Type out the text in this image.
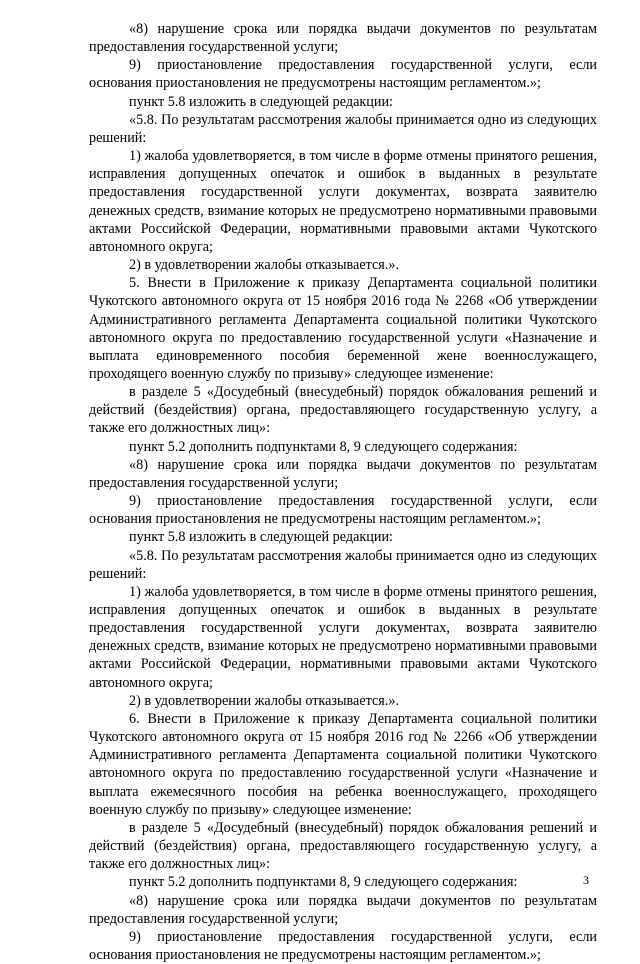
«8) нарушение срока или порядка выдачи документов по результатам предоставления государственной услуги;

9) приостановление предоставления государственной услуги, если основания приостановления не предусмотрены настоящим регламентом.»;

пункт 5.8 изложить в следующей редакции:

«5.8. По результатам рассмотрения жалобы принимается одно из следующих решений:

1) жалоба удовлетворяется, в том числе в форме отмены принятого решения, исправления допущенных опечаток и ошибок в выданных в результате предоставления государственной услуги документах, возврата заявителю денежных средств, взимание которых не предусмотрено нормативными правовыми актами Российской Федерации, нормативными правовыми актами Чукотского автономного округа;

2) в удовлетворении жалобы отказывается.».

5. Внести в Приложение к приказу Департамента социальной политики Чукотского автономного округа от 15 ноября 2016 года № 2268 «Об утверждении Административного регламента Департамента социальной политики Чукотского автономного округа по предоставлению государственной услуги «Назначение и выплата единовременного пособия беременной жене военнослужащего, проходящего военную службу по призыву» следующее изменение:

в разделе 5 «Досудебный (внесудебный) порядок обжалования решений и действий (бездействия) органа, предоставляющего государственную услугу, а также его должностных лиц»:

пункт 5.2 дополнить подпунктами 8, 9 следующего содержания:

«8) нарушение срока или порядка выдачи документов по результатам предоставления государственной услуги;

9) приостановление предоставления государственной услуги, если основания приостановления не предусмотрены настоящим регламентом.»;

пункт 5.8 изложить в следующей редакции:

«5.8. По результатам рассмотрения жалобы принимается одно из следующих решений:

1) жалоба удовлетворяется, в том числе в форме отмены принятого решения, исправления допущенных опечаток и ошибок в выданных в результате предоставления государственной услуги документах, возврата заявителю денежных средств, взимание которых не предусмотрено нормативными правовыми актами Российской Федерации, нормативными правовыми актами Чукотского автономного округа;

2) в удовлетворении жалобы отказывается.».

6. Внести в Приложение к приказу Департамента социальной политики Чукотского автономного округа от 15 ноября 2016 год № 2266 «Об утверждении Административного регламента Департамента социальной политики Чукотского автономного округа по предоставлению государственной услуги «Назначение и выплата ежемесячного пособия на ребенка военнослужащего, проходящего военную службу по призыву» следующее изменение:

в разделе 5 «Досудебный (внесудебный) порядок обжалования решений и действий (бездействия) органа, предоставляющего государственную услугу, а также его должностных лиц»:

пункт 5.2 дополнить подпунктами 8, 9 следующего содержания:

«8) нарушение срока или порядка выдачи документов по результатам предоставления государственной услуги;

9) приостановление предоставления государственной услуги, если основания приостановления не предусмотрены настоящим регламентом.»;

3
